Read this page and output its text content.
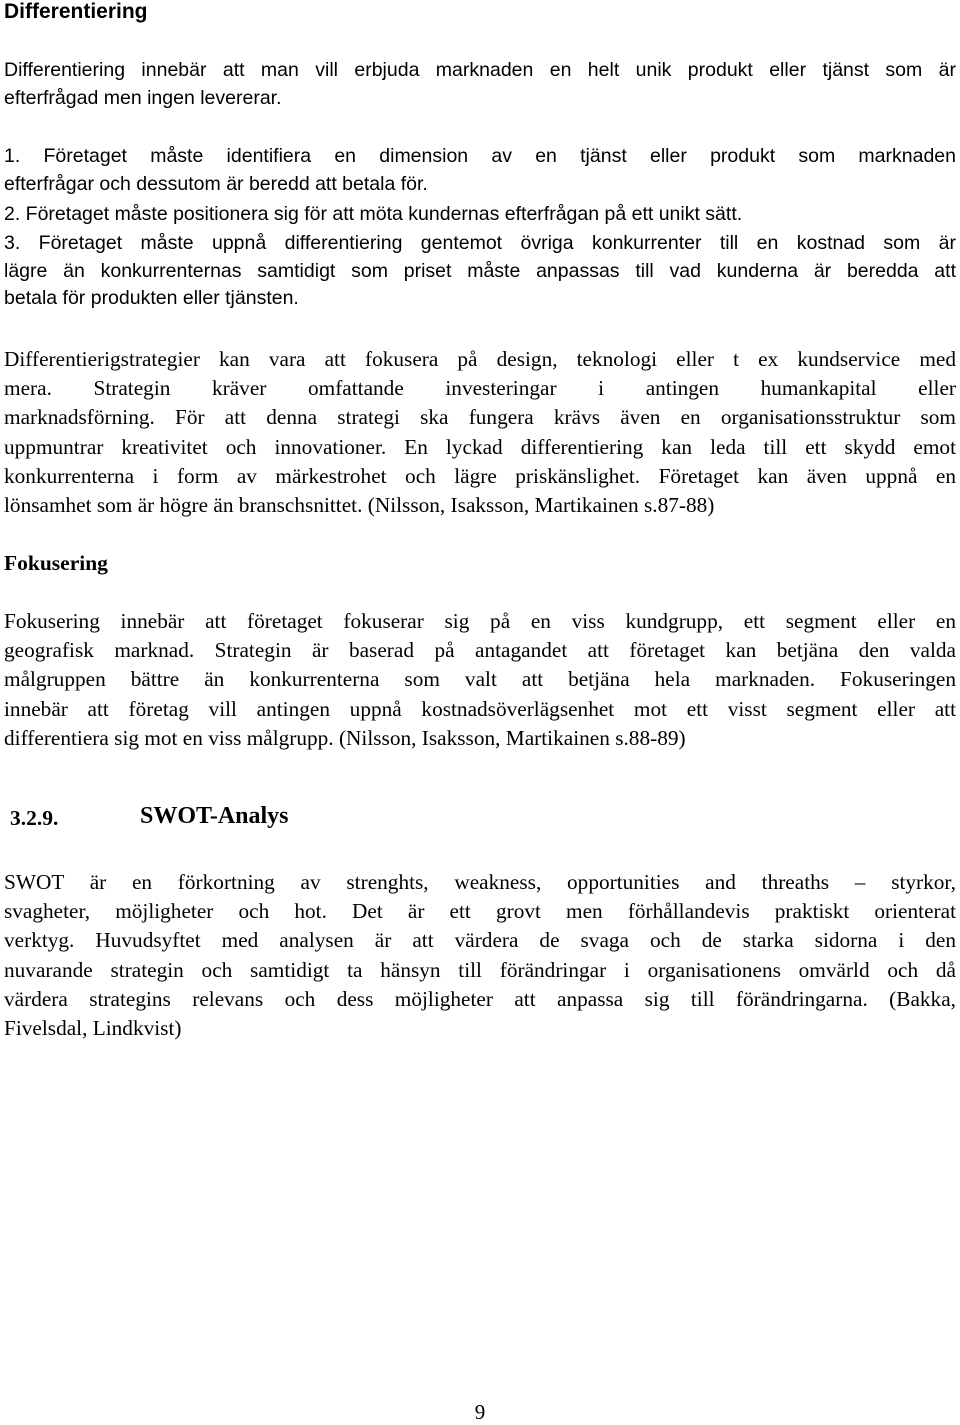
Differentiering
Differentiering innebär att man vill erbjuda marknaden en helt unik produkt eller tjänst som är
efterfrågad men ingen levererar.
1. Företaget måste identifiera en dimension av en tjänst eller produkt som marknaden
efterfrågar och dessutom är beredd att betala för.
2. Företaget måste positionera sig för att möta kundernas efterfrågan på ett unikt sätt.
3. Företaget måste uppnå differentiering gentemot övriga konkurrenter till en kostnad som är
lägre än konkurrenternas samtidigt som priset måste anpassas till vad kunderna är beredda att
betala för produkten eller tjänsten.
Differentierigstrategier kan vara att fokusera på design, teknologi eller t ex kundservice med
mera. Strategin kräver omfattande investeringar i antingen humankapital eller
marknadsförning. För att denna strategi ska fungera krävs även en organisationsstruktur som
uppmuntrar kreativitet och innovationer. En lyckad differentiering kan leda till ett skydd emot
konkurrenterna i form av märkestrohet och lägre priskänslighet. Företaget kan även uppnå en
lönsamhet som är högre än branschsnittet. (Nilsson, Isaksson, Martikainen s.87-88)
Fokusering
Fokusering innebär att företaget fokuserar sig på en viss kundgrupp, ett segment eller en
geografisk marknad. Strategin är baserad på antagandet att företaget kan betjäna den valda
målgruppen bättre än konkurrenterna som valt att betjäna hela marknaden. Fokuseringen
innebär att företag vill antingen uppnå kostnadsöverlägsenhet mot ett visst segment eller att
differentiera sig mot en viss målgrupp. (Nilsson, Isaksson, Martikainen s.88-89)
3.2.9.	SWOT-Analys
SWOT är en förkortning av strenghts, weakness, opportunities and threaths – styrkor,
svagheter, möjligheter och hot. Det är ett grovt men förhållandevis praktiskt orienterat
verktyg. Huvudsyftet med analysen är att värdera de svaga och de starka sidorna i den
nuvarande strategin och samtidigt ta hänsyn till förändringar i organisationens omvärld och då
värdera strategins relevans och dess möjligheter att anpassa sig till förändringarna. (Bakka,
Fivelsdal, Lindkvist)
9
